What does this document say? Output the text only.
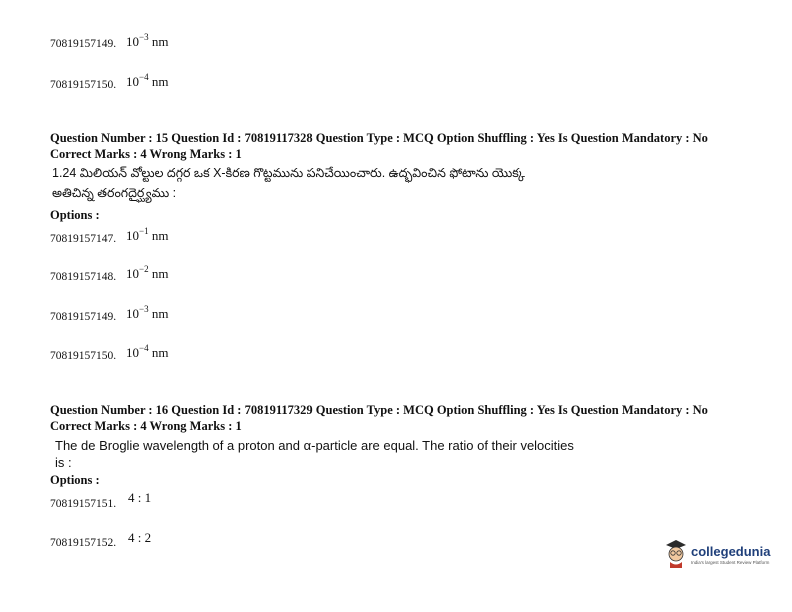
70819157149. $10^{-3}$ nm
70819157150. $10^{-4}$ nm
Question Number : 15 Question Id : 70819117328 Question Type : MCQ Option Shuffling : Yes Is Question Mandatory : No
Correct Marks : 4 Wrong Marks : 1
1.24 మిలియన్ వోల్టుల దగ్గర ఒక X-కిరణ గొట్టమును పనిచేయించారు. ఉద్భవించిన ఫోటాను యొక్క
అతిచిన్న తరంగదైర్ఘ్యము :
Options :
70819157147. $10^{-1}$ nm
70819157148. $10^{-2}$ nm
70819157149. $10^{-3}$ nm
70819157150. $10^{-4}$ nm
Question Number : 16 Question Id : 70819117329 Question Type : MCQ Option Shuffling : Yes Is Question Mandatory : No
Correct Marks : 4 Wrong Marks : 1
The de Broglie wavelength of a proton and α-particle are equal. The ratio of their velocities
is :
Options :
70819157151. 4 : 1
70819157152. 4 : 2
collegedunia
India's largest Student Review Platform
